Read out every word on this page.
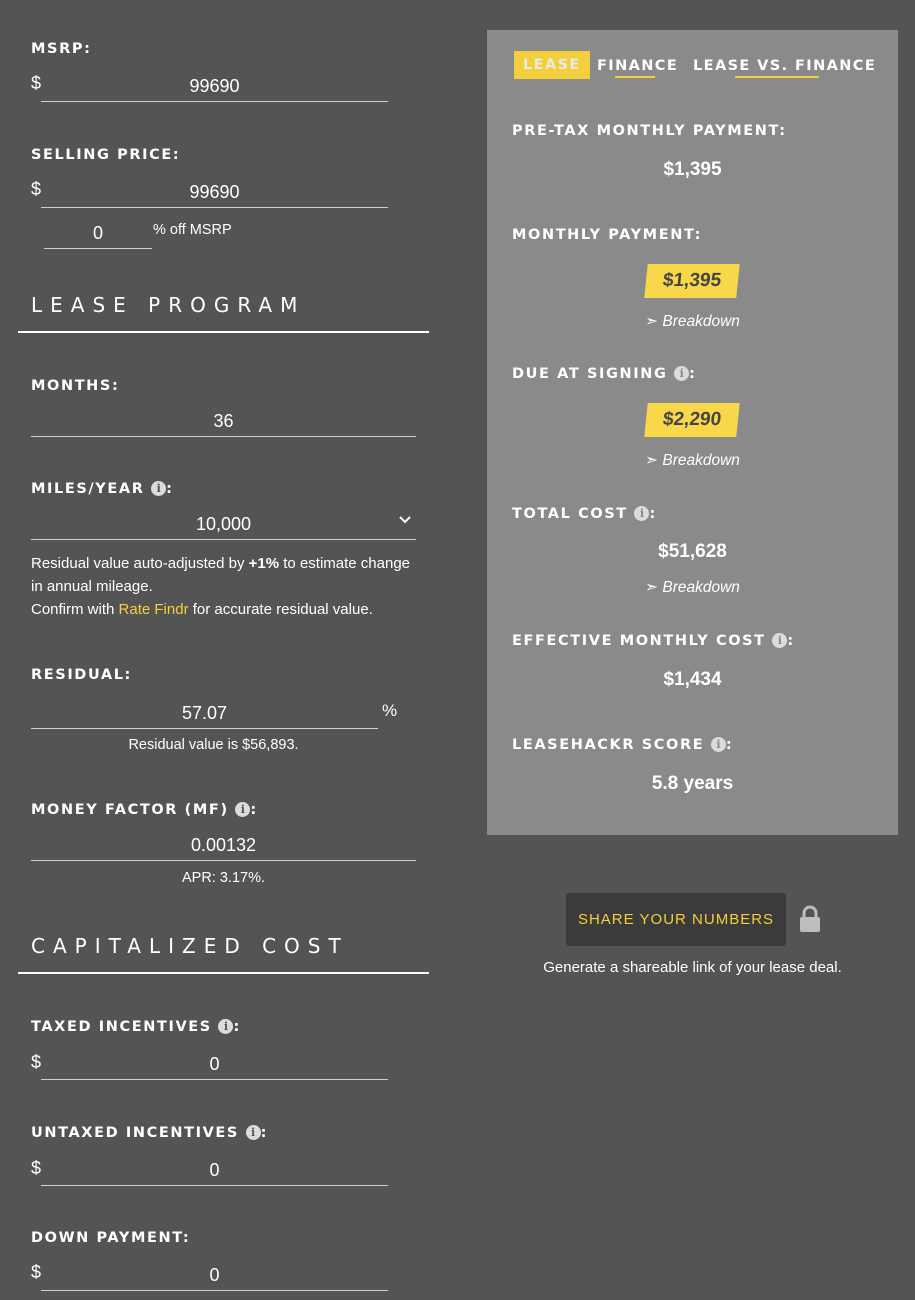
MSRP:
$	99690
SELLING PRICE:
$	99690
0	% off MSRP
LEASE PROGRAM
MONTHS:
36
MILES/YEAR i :
10,000
Residual value auto-adjusted by +1% to estimate change in annual mileage.
Confirm with Rate Findr for accurate residual value.
RESIDUAL:
57.07	%
Residual value is $56,893.
MONEY FACTOR (MF) i :
0.00132
APR: 3.17%.
CAPITALIZED COST
TAXED INCENTIVES i :
$	0
UNTAXED INCENTIVES i :
$	0
DOWN PAYMENT:
$	0
LEASE	FINANCE LEASE VS. FINANCE
PRE-TAX MONTHLY PAYMENT:
$1,395
MONTHLY PAYMENT:
$1,395
➣ Breakdown
DUE AT SIGNING i :
$2,290
➣ Breakdown
TOTAL COST i :
$51,628
➣ Breakdown
EFFECTIVE MONTHLY COST i :
$1,434
LEASEHACKR SCORE i :
5.8 years
SHARE YOUR NUMBERS
Generate a shareable link of your lease deal.
